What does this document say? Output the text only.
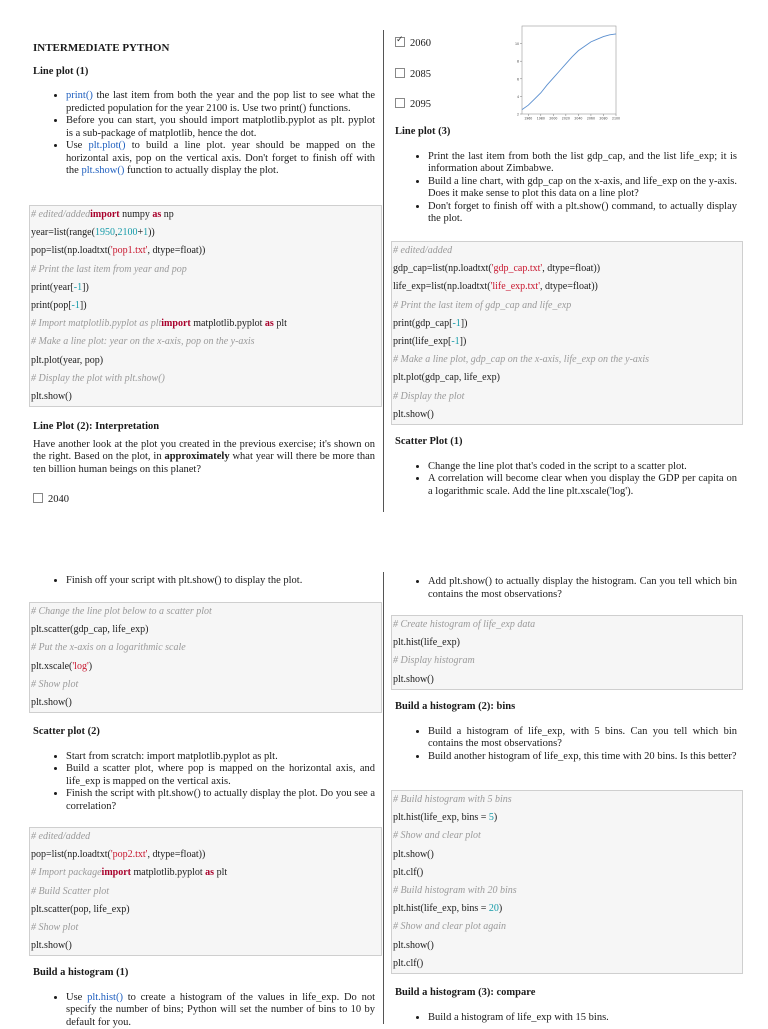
INTERMEDIATE PYTHON

Line plot (1)

• print() the last item from both the year and the pop list to see what the predicted population for the year 2100 is. Use two print() functions.
• Before you can start, you should import matplotlib.pyplot as plt. pyplot is a sub-package of matplotlib, hence the dot.
• Use plt.plot() to build a line plot. year should be mapped on the horizontal axis, pop on the vertical axis. Don't forget to finish off with the plt.show() function to actually display the plot.
# edited/addedimport numpy as np
year=list(range(1950,2100+1))
pop=list(np.loadtxt('pop1.txt', dtype=float))
# Print the last item from year and pop
print(year[-1])
print(pop[-1])
# Import matplotlib.pyplot as pltimport matplotlib.pyplot as plt
# Make a line plot: year on the x-axis, pop on the y-axis
plt.plot(year, pop)
# Display the plot with plt.show()
plt.show()

Line Plot (2): Interpretation

Have another look at the plot you created in the previous exercise; it's shown on the right. Based on the plot, in approximately what year will there be more than ten billion human beings on this planet?

2040
✓2060
2085
2095
2
4
6
8
10
1960 1980 2000 2020 2040 2060 2080 2100

Line plot (3)

• Print the last item from both the list gdp_cap, and the list life_exp; it is information about Zimbabwe.
• Build a line chart, with gdp_cap on the x-axis, and life_exp on the y-axis. Does it make sense to plot this data on a line plot?
• Don't forget to finish off with a plt.show() command, to actually display the plot.
# edited/added
gdp_cap=list(np.loadtxt('gdp_cap.txt', dtype=float))
life_exp=list(np.loadtxt('life_exp.txt', dtype=float))
# Print the last item of gdp_cap and life_exp
print(gdp_cap[-1])
print(life_exp[-1])
# Make a line plot, gdp_cap on the x-axis, life_exp on the y-axis
plt.plot(gdp_cap, life_exp)
# Display the plot
plt.show()

Scatter Plot (1)

• Change the line plot that's coded in the script to a scatter plot.
• A correlation will become clear when you display the GDP per capita on a logarithmic scale. Add the line plt.xscale('log').
• Finish off your script with plt.show() to display the plot.
# Change the line plot below to a scatter plot
plt.scatter(gdp_cap, life_exp)
# Put the x-axis on a logarithmic scale
plt.xscale('log')
# Show plot
plt.show()

Scatter plot (2)

• Start from scratch: import matplotlib.pyplot as plt.
• Build a scatter plot, where pop is mapped on the horizontal axis, and life_exp is mapped on the vertical axis.
• Finish the script with plt.show() to actually display the plot. Do you see a correlation?
# edited/added
pop=list(np.loadtxt('pop2.txt', dtype=float))
# Import packageimport matplotlib.pyplot as plt
# Build Scatter plot
plt.scatter(pop, life_exp)
# Show plot
plt.show()

Build a histogram (1)

• Use plt.hist() to create a histogram of the values in life_exp. Do not specify the number of bins; Python will set the number of bins to 10 by default for you.
• Add plt.show() to actually display the histogram. Can you tell which bin contains the most observations?
# Create histogram of life_exp data
plt.hist(life_exp)
# Display histogram
plt.show()

Build a histogram (2): bins

• Build a histogram of life_exp, with 5 bins. Can you tell which bin contains the most observations?
• Build another histogram of life_exp, this time with 20 bins. Is this better?
# Build histogram with 5 bins
plt.hist(life_exp, bins = 5)
# Show and clear plot
plt.show()
plt.clf()
# Build histogram with 20 bins
plt.hist(life_exp, bins = 20)
# Show and clear plot again
plt.show()
plt.clf()

Build a histogram (3): compare

• Build a histogram of life_exp with 15 bins.
